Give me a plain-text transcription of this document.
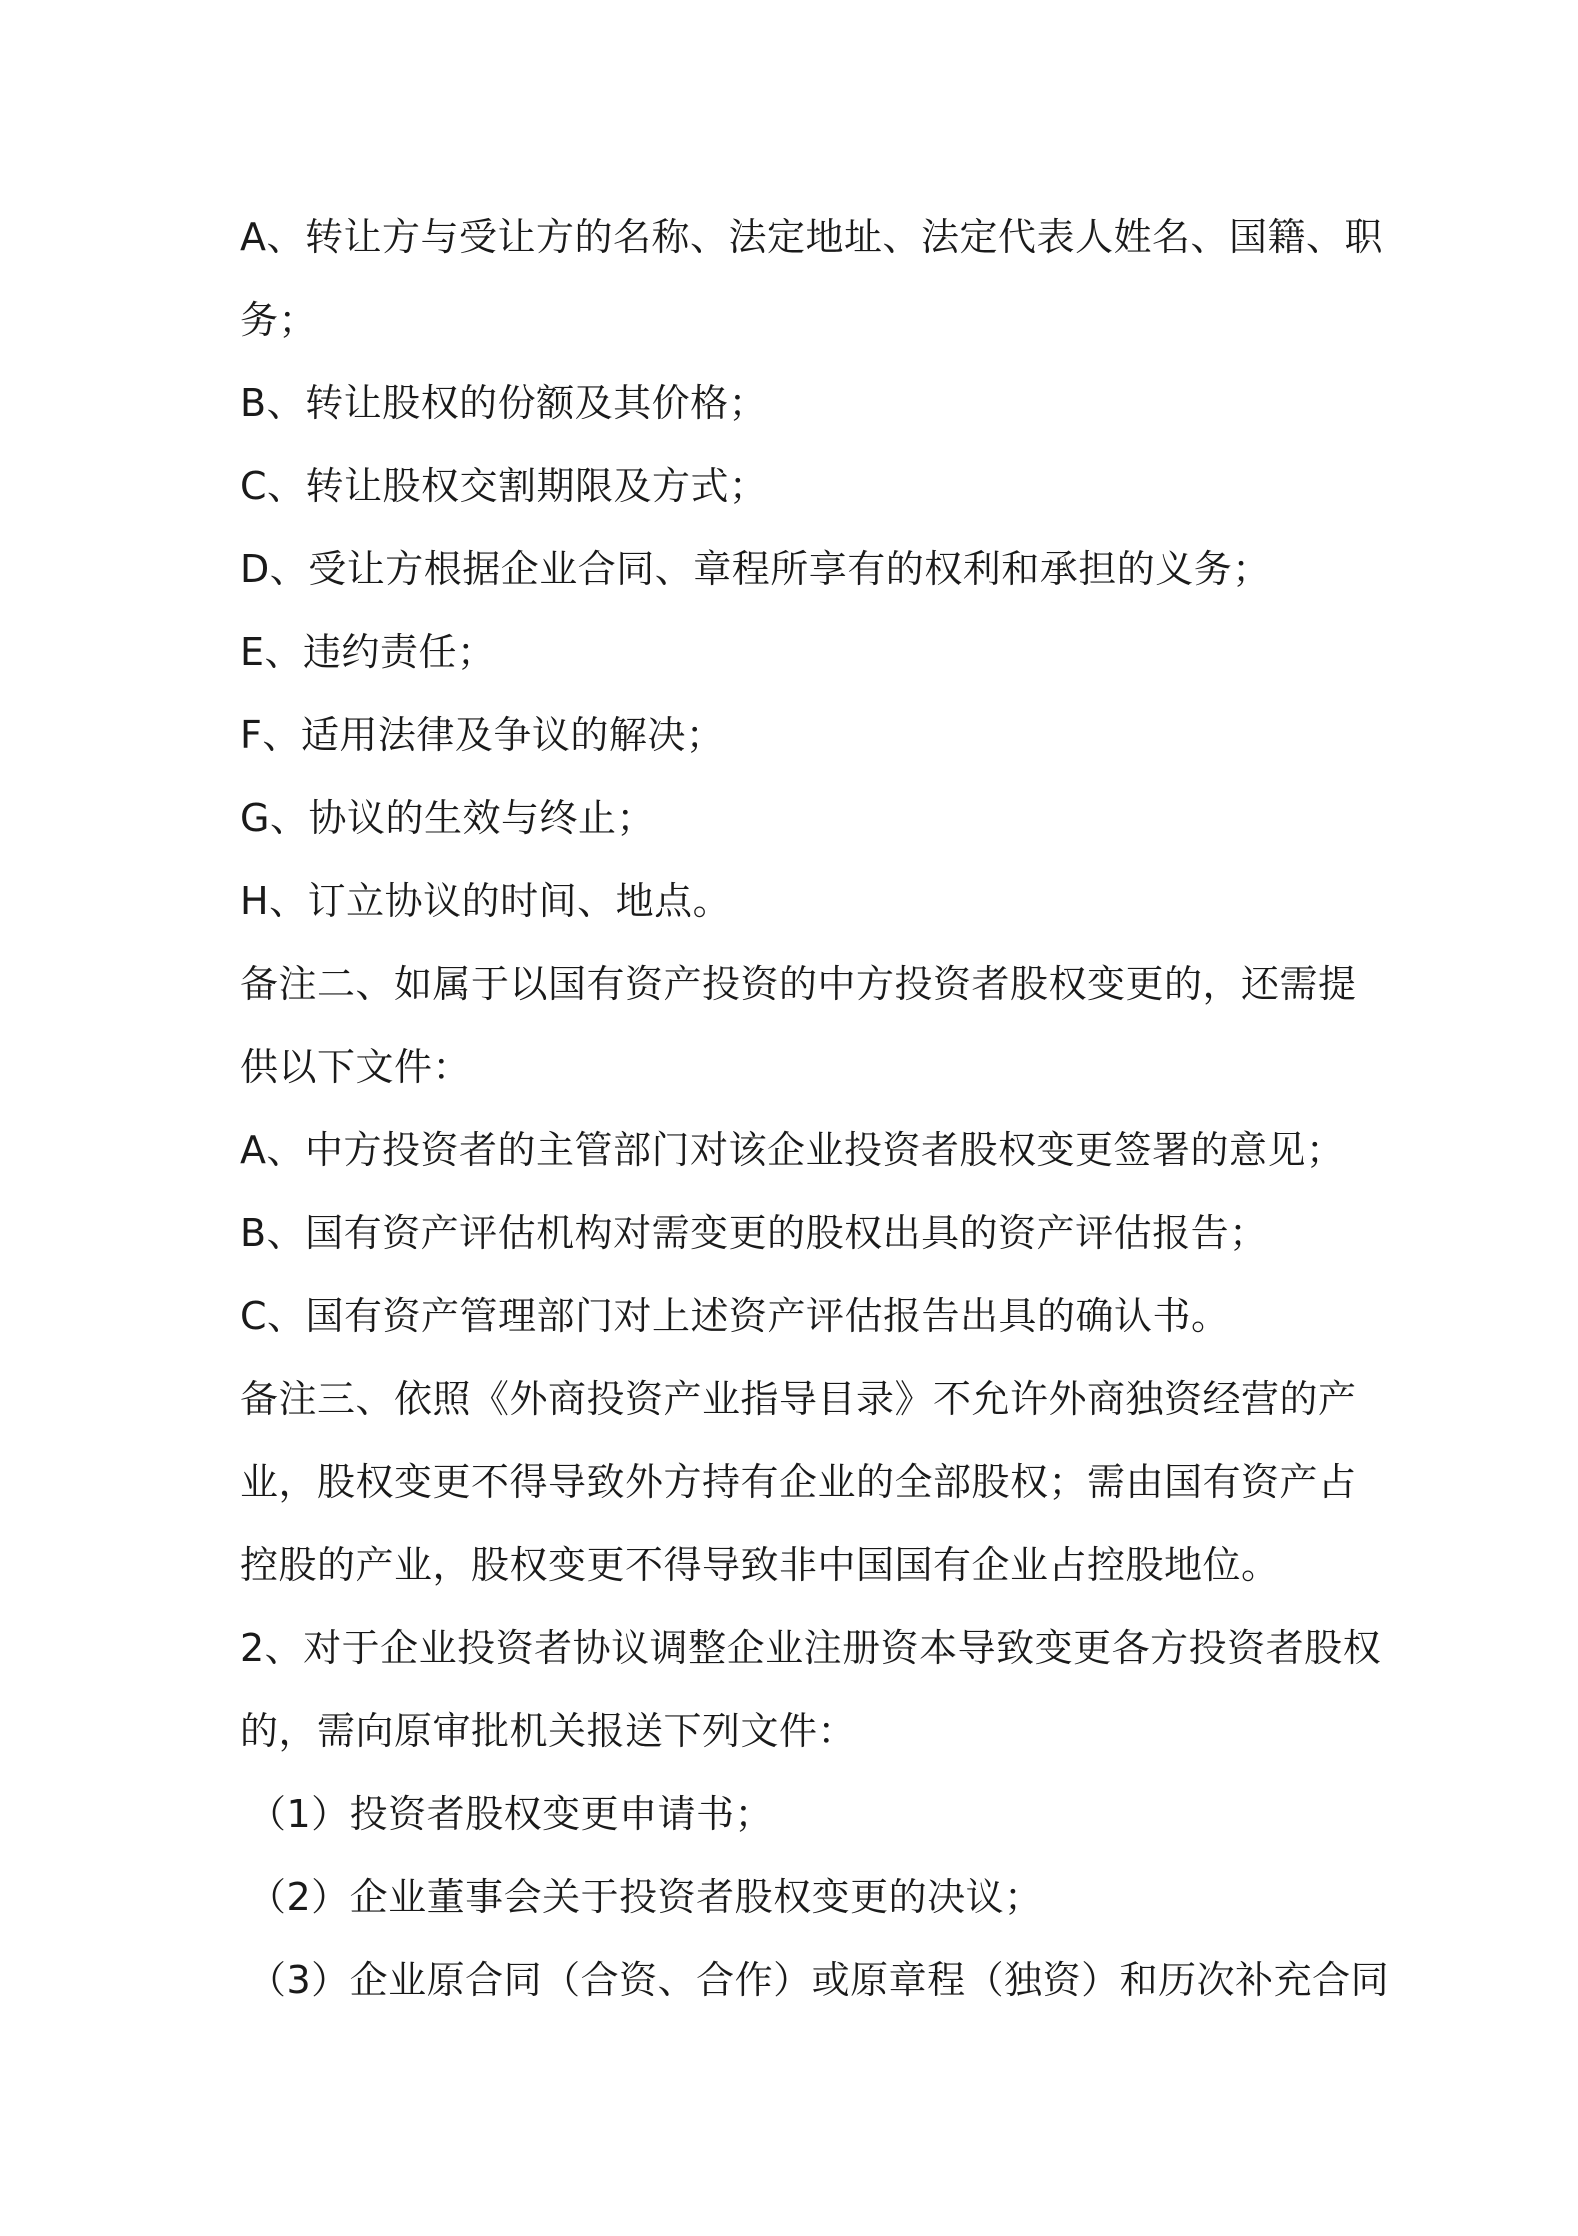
A、转让方与受让方的名称、法定地址、法定代表人姓名、国籍、职
务；
B、转让股权的份额及其价格；
C、转让股权交割期限及方式；
D、受让方根据企业合同、章程所享有的权利和承担的义务；
E、违约责任；
F、适用法律及争议的解决；
G、协议的生效与终止；
H、订立协议的时间、地点。
备注二、如属于以国有资产投资的中方投资者股权变更的，还需提
供以下文件：
A、中方投资者的主管部门对该企业投资者股权变更签署的意见；
B、国有资产评估机构对需变更的股权出具的资产评估报告；
C、国有资产管理部门对上述资产评估报告出具的确认书。
备注三、依照《外商投资产业指导目录》不允许外商独资经营的产
业，股权变更不得导致外方持有企业的全部股权；需由国有资产占
控股的产业，股权变更不得导致非中国国有企业占控股地位。
2、对于企业投资者协议调整企业注册资本导致变更各方投资者股权
的，需向原审批机关报送下列文件：
（1）投资者股权变更申请书；
（2）企业董事会关于投资者股权变更的决议；
（3）企业原合同（合资、合作）或原章程（独资）和历次补充合同
